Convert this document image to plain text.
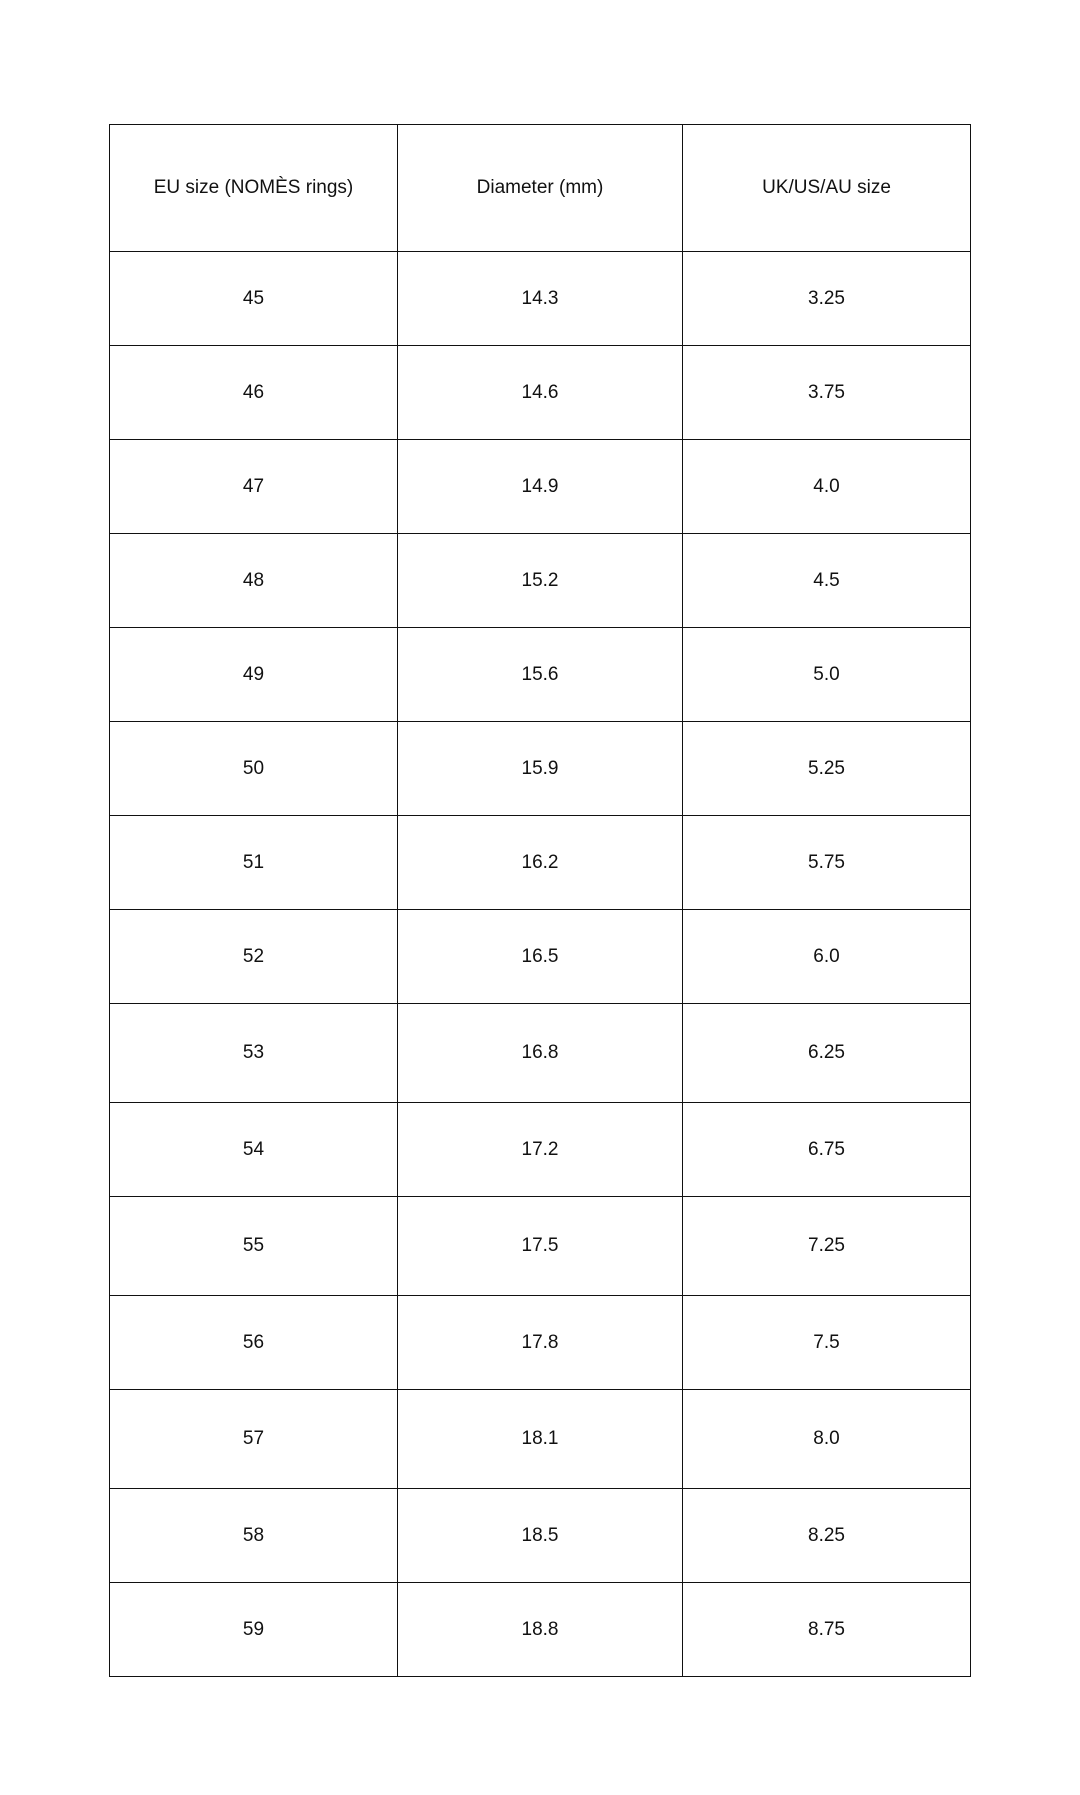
EU size (NOMÈS rings)	Diameter (mm)	UK/US/AU size
45	14.3	3.25
46	14.6	3.75
47	14.9	4.0
48	15.2	4.5
49	15.6	5.0
50	15.9	5.25
51	16.2	5.75
52	16.5	6.0
53	16.8	6.25
54	17.2	6.75
55	17.5	7.25
56	17.8	7.5
57	18.1	8.0
58	18.5	8.25
59	18.8	8.75
